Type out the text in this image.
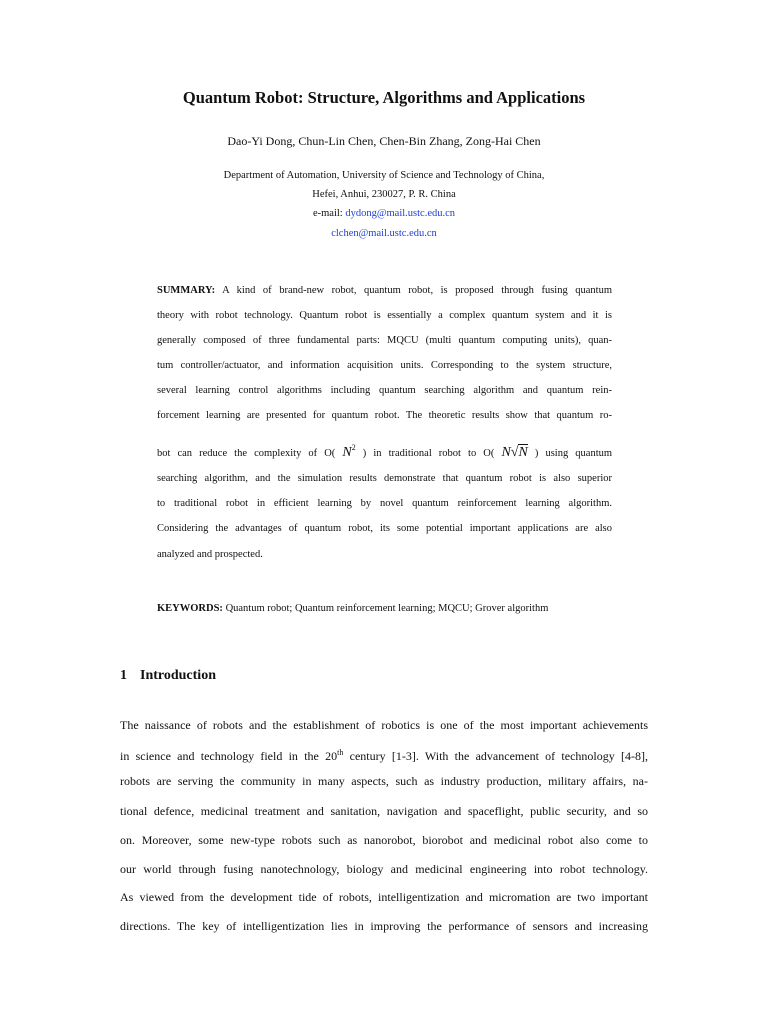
Quantum Robot: Structure, Algorithms and Applications
Dao-Yi Dong, Chun-Lin Chen, Chen-Bin Zhang, Zong-Hai Chen
Department of Automation, University of Science and Technology of China,
Hefei, Anhui, 230027, P. R. China
e-mail: dydong@mail.ustc.edu.cn
clchen@mail.ustc.edu.cn
SUMMARY: A kind of brand-new robot, quantum robot, is proposed through fusing quantum
theory with robot technology. Quantum robot is essentially a complex quantum system and it is
generally composed of three fundamental parts: MQCU (multi quantum computing units), quan-
tum controller/actuator, and information acquisition units. Corresponding to the system structure,
several learning control algorithms including quantum searching algorithm and quantum rein-
forcement learning are presented for quantum robot. The theoretic results show that quantum ro-
bot can reduce the complexity of O( $N^2$ ) in traditional robot to O( N√N ) using quantum
searching algorithm, and the simulation results demonstrate that quantum robot is also superior
to traditional robot in efficient learning by novel quantum reinforcement learning algorithm.
Considering the advantages of quantum robot, its some potential important applications are also
analyzed and prospected.
KEYWORDS: Quantum robot; Quantum reinforcement learning; MQCU; Grover algorithm
1 Introduction
The naissance of robots and the establishment of robotics is one of the most important achievements
in science and technology field in the 20th century [1-3]. With the advancement of technology [4-8],
robots are serving the community in many aspects, such as industry production, military affairs, na-
tional defence, medicinal treatment and sanitation, navigation and spaceflight, public security, and so
on. Moreover, some new-type robots such as nanorobot, biorobot and medicinal robot also come to
our world through fusing nanotechnology, biology and medicinal engineering into robot technology.
As viewed from the development tide of robots, intelligentization and micromation are two important
directions. The key of intelligentization lies in improving the performance of sensors and increasing
